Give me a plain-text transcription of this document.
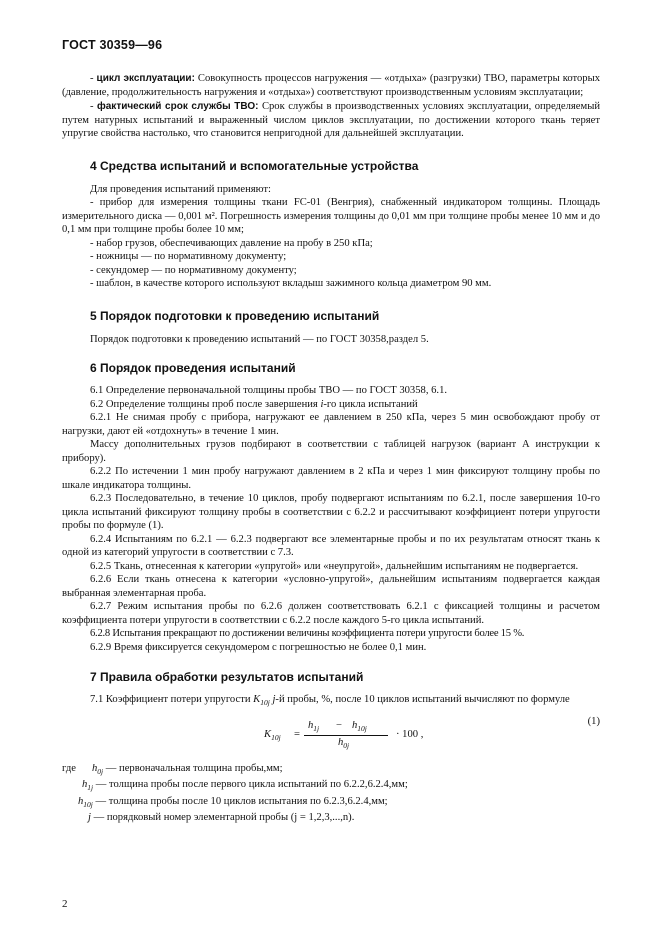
ГОСТ 30359—96

- цикл эксплуатации: Совокупность процессов нагружения — «отдыха» (разгрузки) ТВО, параметры которых (давление, продолжительность нагружения и «отдыха») соответствуют производственным условиям эксплуатации;

- фактический срок службы ТВО: Срок службы в производственных условиях эксплуатации, определяемый путем натурных испытаний и выраженный числом циклов эксплуатации, по достижении которого ткань теряет упругие свойства настолько, что становится непригодной для дальнейшей эксплуатации.

4 Средства испытаний и вспомогательные устройства

Для проведения испытаний применяют:

- прибор для измерения толщины ткани FC-01 (Венгрия), снабженный индикатором толщины. Площадь измерительного диска — 0,001 м². Погрешность измерения толщины до 0,01 мм при толщине пробы менее 10 мм и до 0,1 мм при толщине пробы более 10 мм;

- набор грузов, обеспечивающих давление на пробу в 250 кПа;

- ножницы — по нормативному документу;

- секундомер — по нормативному документу;

- шаблон, в качестве которого используют вкладыш зажимного кольца диаметром 90 мм.

5 Порядок подготовки к проведению испытаний

Порядок подготовки к проведению испытаний — по ГОСТ 30358,раздел 5.

6 Порядок проведения испытаний

6.1 Определение первоначальной толщины пробы ТВО — по ГОСТ 30358, 6.1.

6.2 Определение толщины проб после завершения i-го цикла испытаний

6.2.1 Не снимая пробу с прибора, нагружают ее давлением в 250 кПа, через 5 мин освобождают пробу от нагрузки, дают ей «отдохнуть» в течение 1 мин.

Массу дополнительных грузов подбирают в соответствии с таблицей нагрузок (вариант А инструкции к прибору).

6.2.2 По истечении 1 мин пробу нагружают давлением в 2 кПа и через 1 мин фиксируют толщину пробы по шкале индикатора толщины.

6.2.3 Последовательно, в течение 10 циклов, пробу подвергают испытаниям по 6.2.1, после завершения 10-го цикла испытаний фиксируют толщину пробы в соответствии с 6.2.2 и рассчитывают коэффициент потери упругости пробы по формуле (1).

6.2.4 Испытаниям по 6.2.1 — 6.2.3 подвергают все элементарные пробы и по их результатам относят ткань к одной из категорий упругости в соответствии с 7.3.

6.2.5 Ткань, отнесенная к категории «упругой» или «неупругой», дальнейшим испытаниям не подвергается.

6.2.6 Если ткань отнесена к категории «условно-упругой», дальнейшим испытаниям подвергается каждая выбранная элементарная проба.

6.2.7 Режим испытания пробы по 6.2.6 должен соответствовать 6.2.1 с фиксацией толщины и расчетом коэффициента потери упругости в соответствии с 6.2.2 после каждого 5-го цикла испытаний.

6.2.8 Испытания прекращают по достижении величины коэффициента потери упругости более 15 %.

6.2.9 Время фиксируется секундомером с погрешностью не более 0,1 мин.

7 Правила обработки результатов испытаний

7.1 Коэффициент потери упругости $K_{10j}$ j-й пробы, %, после 10 циклов испытаний вычисляют по формуле

$K_{10j}$ =
$h_{1j} - h_{10j}$
$h_{0j}$
· 100 ,
(1)
где	$h_{0j}$ — первоначальная толщина пробы,мм;
$h_{1j}$ — толщина пробы после первого цикла испытаний по 6.2.2,6.2.4,мм;
$h_{10j}$ — толщина пробы после 10 циклов испытания по 6.2.3,6.2.4,мм;
j — порядковый номер элементарной пробы (j = 1,2,3,...,n).
2
